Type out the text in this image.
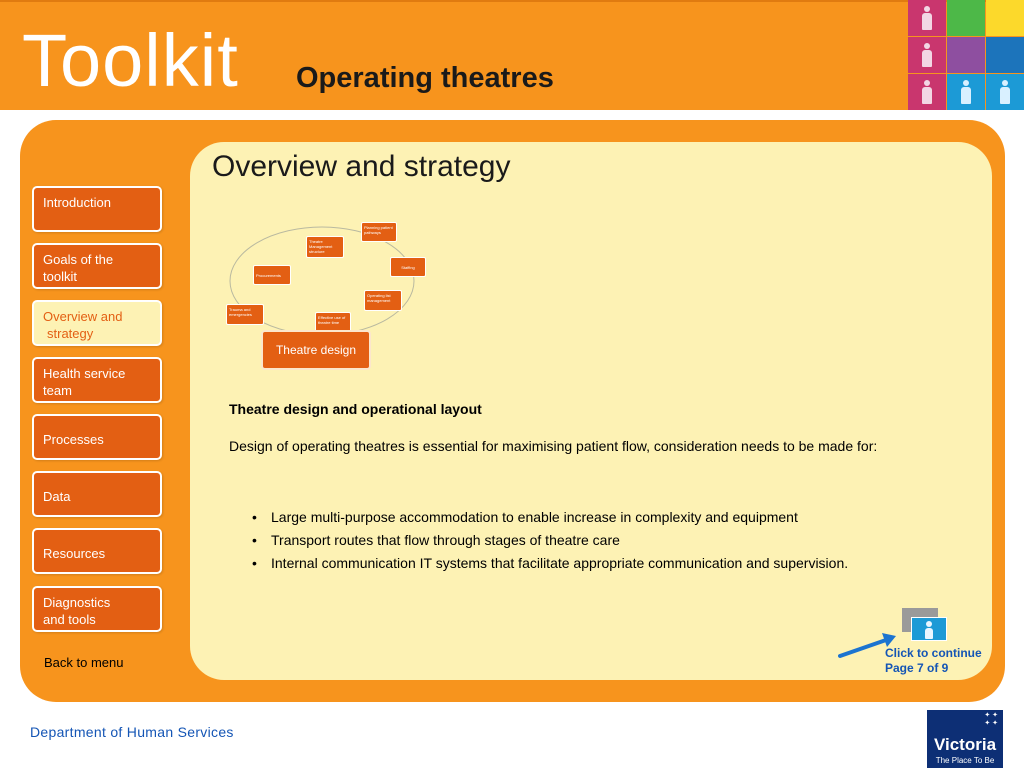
Toolkit Operating theatres
Introduction
Goals of the
toolkit
Overview and
strategy
Health service
team
Processes
Data
Resources
Diagnostics
and tools
Back to menu
Overview and strategy
Planning patient pathways
Theatre Management structure
Staffing
Procurements
Operating list management
Trauma and emergencies
Effective use of theatre time
Theatre design
Theatre design and operational layout
Design of operating theatres is essential for maximising patient flow, consideration needs to be made for:
• Large multi-purpose accommodation to enable increase in complexity and equipment
• Transport routes that flow through stages of theatre care
• Internal communication IT systems that facilitate appropriate communication and supervision.
Click to continue
Page 7 of 9
Department of Human Services
✦ ✦
✦ ✦
Victoria
The Place To Be
